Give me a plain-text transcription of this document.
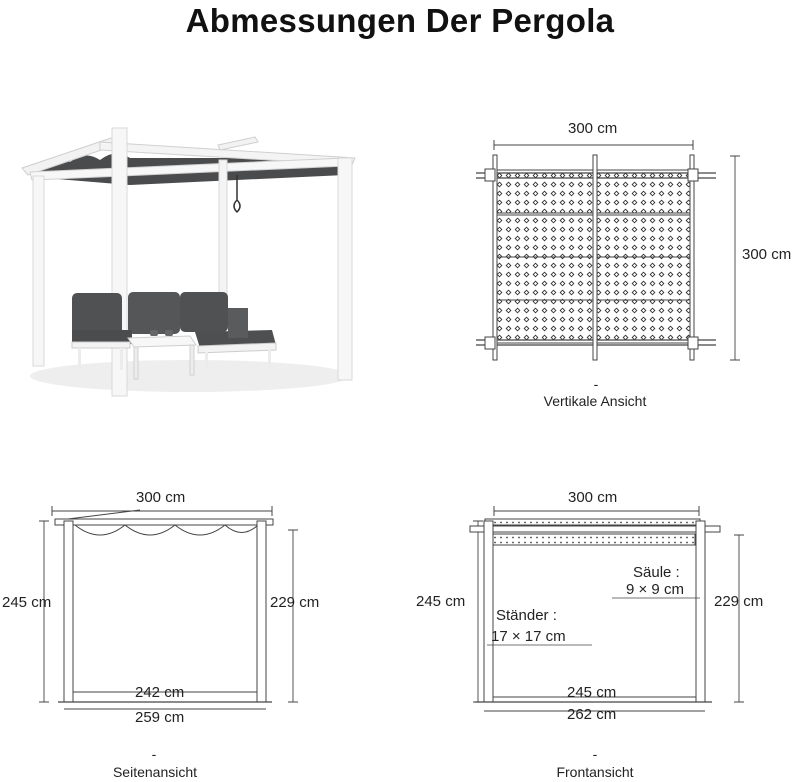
Abmessungen Der Pergola
300 cm
300 cm
-
Vertikale Ansicht
300 cm
245 cm	229 cm
242 cm
259 cm
-
Seitenansicht
300 cm
245 cm	229 cm
Säule :
9 × 9 cm
Ständer :
17 × 17 cm
245 cm
262 cm
-
Frontansicht
